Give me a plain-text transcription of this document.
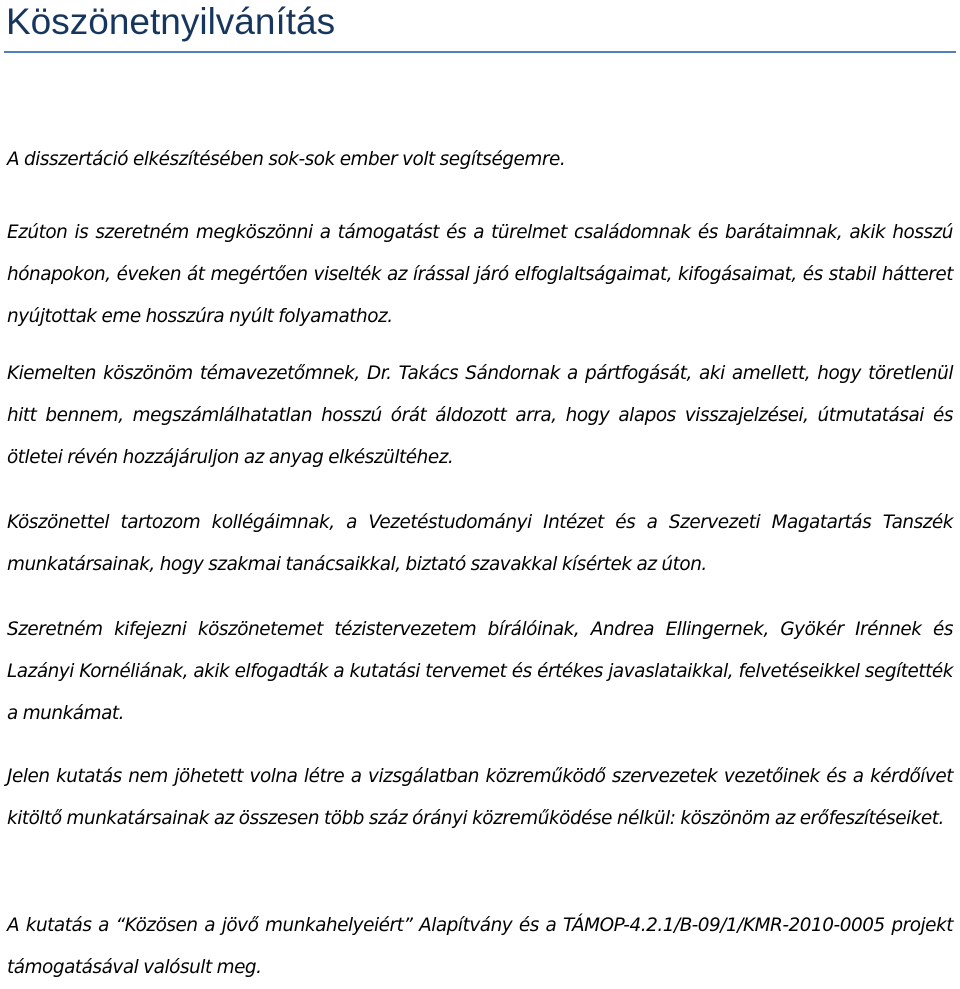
Köszönetnyilvánítás

A disszertáció elkészítésében sok-sok ember volt segítségemre.

Ezúton is szeretném megköszönni a támogatást és a türelmet családomnak és barátaimnak, akik hosszú hónapokon, éveken át megértően viselték az írással járó elfoglaltságaimat, kifogásaimat, és stabil hátteret nyújtottak eme hosszúra nyúlt folyamathoz.

Kiemelten köszönöm témavezetőmnek, Dr. Takács Sándornak a pártfogását, aki amellett, hogy töretlenül hitt bennem, megszámlálhatatlan hosszú órát áldozott arra, hogy alapos visszajelzései, útmutatásai és ötletei révén hozzájáruljon az anyag elkészültéhez.

Köszönettel tartozom kollégáimnak, a Vezetéstudományi Intézet és a Szervezeti Magatartás Tanszék munkatársainak, hogy szakmai tanácsaikkal, biztató szavakkal kísértek az úton.

Szeretném kifejezni köszönetemet tézistervezetem bírálóinak, Andrea Ellingernek, Gyökér Irénnek és Lazányi Kornéliának, akik elfogadták a kutatási tervemet és értékes javaslataikkal, felvetéseikkel segítették a munkámat.

Jelen kutatás nem jöhetett volna létre a vizsgálatban közreműködő szervezetek vezetőinek és a kérdőívet kitöltő munkatársainak az összesen több száz órányi közreműködése nélkül: köszönöm az erőfeszítéseiket.

A kutatás a “Közösen a jövő munkahelyeiért” Alapítvány és a TÁMOP-4.2.1/B-09/1/KMR-2010-0005 projekt támogatásával valósult meg.
